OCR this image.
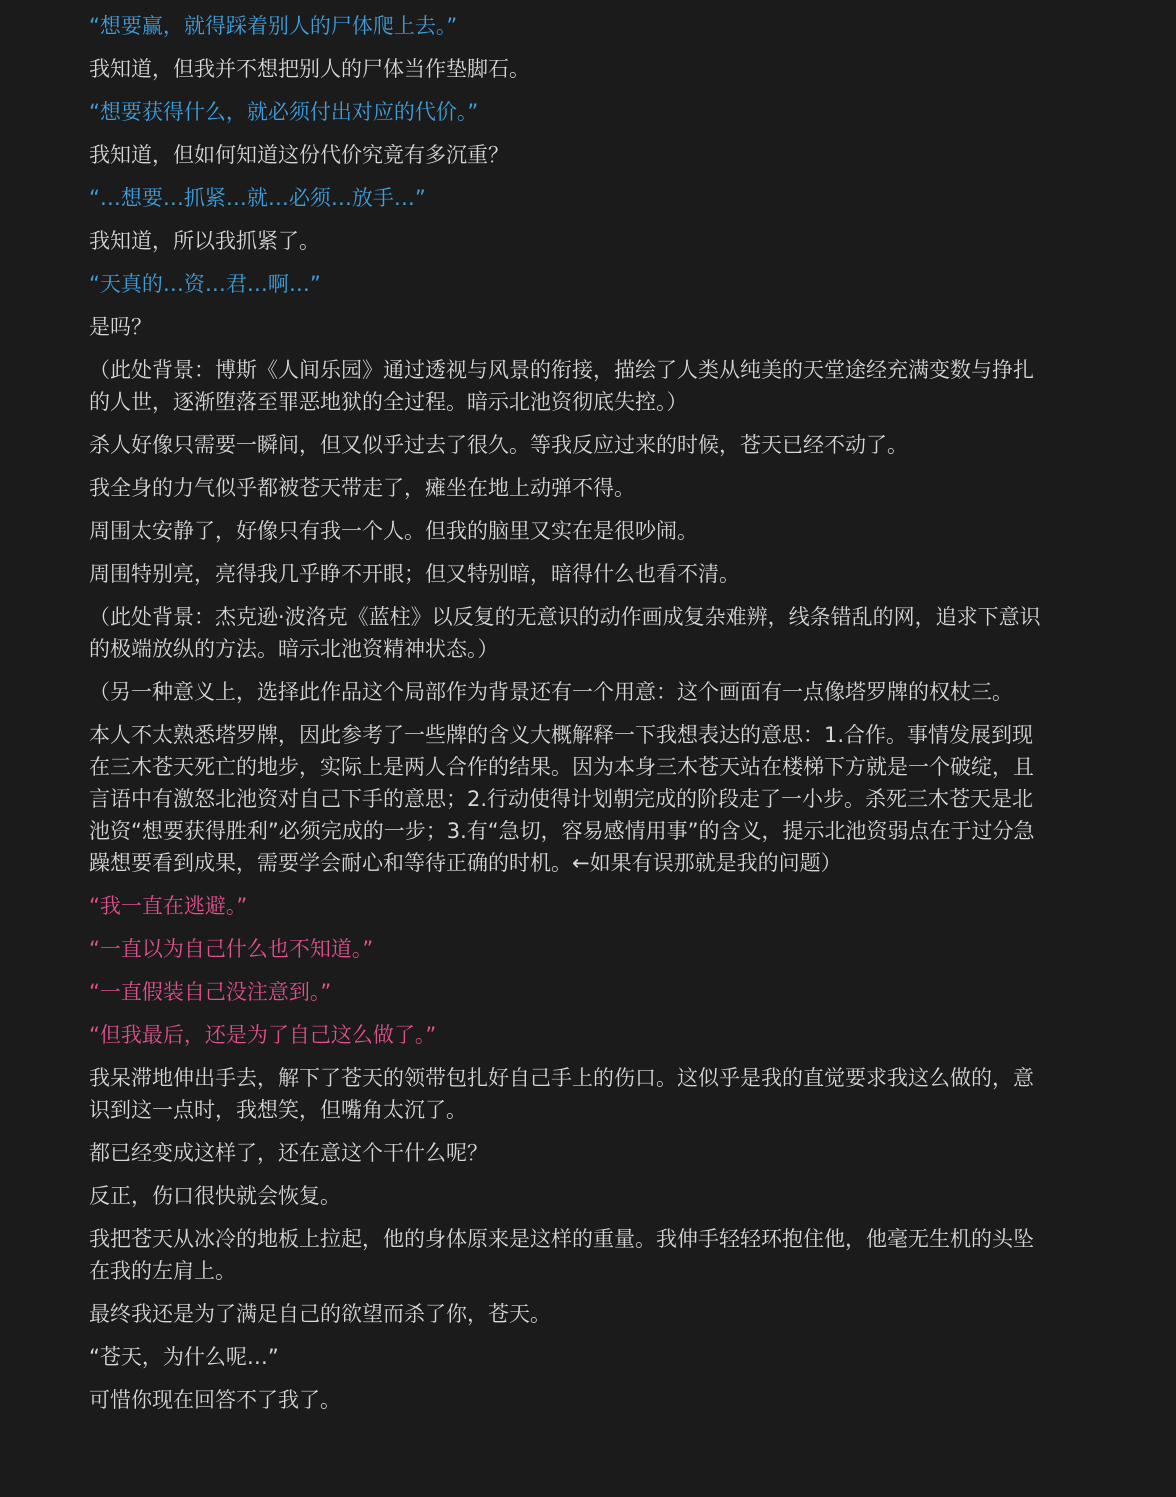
“想要赢，就得踩着别人的尸体爬上去。”

我知道，但我并不想把别人的尸体当作垫脚石。

“想要获得什么，就必须付出对应的代价。”

我知道，但如何知道这份代价究竟有多沉重？

“…想要…抓紧…就…必须…放手…”

我知道，所以我抓紧了。

“天真的…资…君…啊…”

是吗？

（此处背景：博斯《人间乐园》通过透视与风景的衔接，描绘了人类从纯美的天堂途经充满变数与挣扎的人世，逐渐堕落至罪恶地狱的全过程。暗示北池资彻底失控。）

杀人好像只需要一瞬间，但又似乎过去了很久。等我反应过来的时候，苍天已经不动了。

我全身的力气似乎都被苍天带走了，瘫坐在地上动弹不得。

周围太安静了，好像只有我一个人。但我的脑里又实在是很吵闹。

周围特别亮，亮得我几乎睁不开眼；但又特别暗，暗得什么也看不清。

（此处背景：杰克逊·波洛克《蓝柱》以反复的无意识的动作画成复杂难辨，线条错乱的网，追求下意识的极端放纵的方法。暗示北池资精神状态。）

（另一种意义上，选择此作品这个局部作为背景还有一个用意：这个画面有一点像塔罗牌的权杖三。

本人不太熟悉塔罗牌，因此参考了一些牌的含义大概解释一下我想表达的意思：1.合作。事情发展到现在三木苍天死亡的地步，实际上是两人合作的结果。因为本身三木苍天站在楼梯下方就是一个破绽，且言语中有激怒北池资对自己下手的意思；2.行动使得计划朝完成的阶段走了一小步。杀死三木苍天是北池资“想要获得胜利”必须完成的一步；3.有“急切，容易感情用事”的含义，提示北池资弱点在于过分急躁想要看到成果，需要学会耐心和等待正确的时机。←如果有误那就是我的问题）

“我一直在逃避。”

“一直以为自己什么也不知道。”

“一直假装自己没注意到。”

“但我最后，还是为了自己这么做了。”

我呆滞地伸出手去，解下了苍天的领带包扎好自己手上的伤口。这似乎是我的直觉要求我这么做的，意识到这一点时，我想笑，但嘴角太沉了。

都已经变成这样了，还在意这个干什么呢？

反正，伤口很快就会恢复。

我把苍天从冰冷的地板上拉起，他的身体原来是这样的重量。我伸手轻轻环抱住他，他毫无生机的头坠在我的左肩上。

最终我还是为了满足自己的欲望而杀了你，苍天。

“苍天，为什么呢…”

可惜你现在回答不了我了。
